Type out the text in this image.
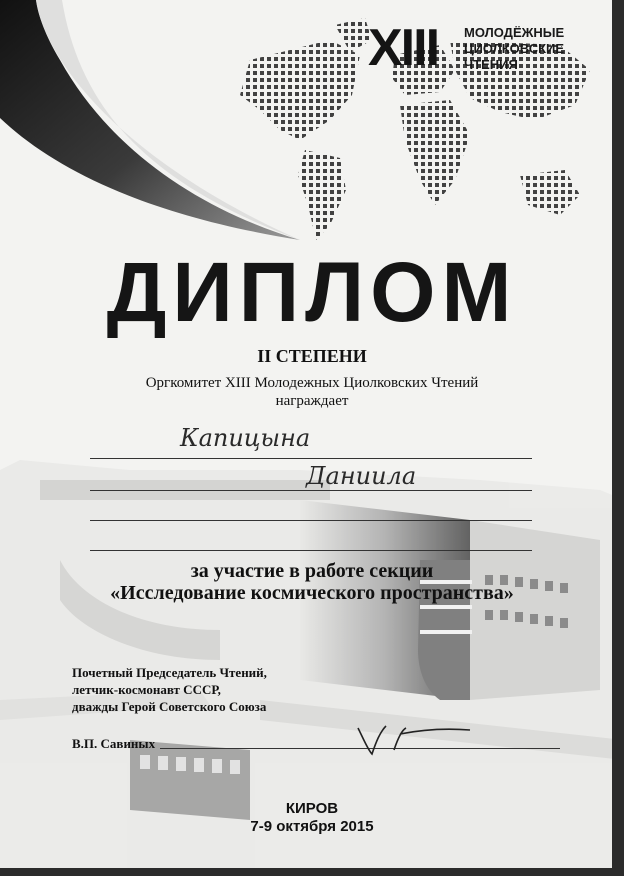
XIII МОЛОДЁЖНЫЕ
ЦИОЛКОВСКИЕ
ЧТЕНИЯ
ДИПЛОМ
II СТЕПЕНИ
Оргкомитет XIII Молодежных Циолковских Чтений
награждает
Капицына
Даниила
за участие в работе секции
«Исследование космического пространства»
Почетный Председатель Чтений,
летчик-космонавт СССР,
дважды Герой Советского Союза
В.П. Савиных
КИРОВ
7-9 октября 2015
